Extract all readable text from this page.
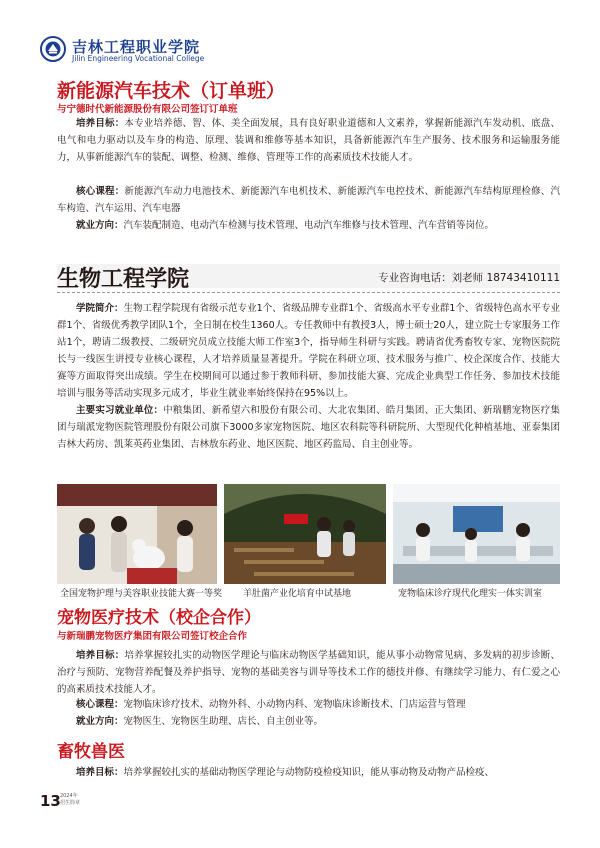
吉林工程职业学院
Jilin Engineering Vocational College
新能源汽车技术（订单班）
与宁德时代新能源股份有限公司签订订单班
培养目标：本专业培养德、智、体、美全面发展，具有良好职业道德和人文素养，掌握新能源汽车发动机、底盘、电气和电力驱动以及车身的构造、原理、装调和维修等基本知识，具备新能源汽车生产服务、技术服务和运输服务能力，从事新能源汽车的装配、调整、检测、维修、管理等工作的高素质技术技能人才。
核心课程：新能源汽车动力电池技术、新能源汽车电机技术、新能源汽车电控技术、新能源汽车结构原理检修、汽车构造、汽车运用、汽车电器
就业方向：汽车装配制造、电动汽车检测与技术管理、电动汽车维修与技术管理、汽车营销等岗位。
生物工程学院	专业咨询电话：刘老师 18743410111
学院简介：生物工程学院现有省级示范专业1个、省级品牌专业群1个、省级高水平专业群1个、省级特色高水平专业群1个、省级优秀教学团队1个，全日制在校生1360人。专任教师中有教授3人，博士硕士20人，建立院士专家服务工作站1个，聘请二级教授、二级研究员成立技能大师工作室3个，指导师生科研与实践。聘请省优秀畜牧专家、宠物医院院长与一线医生讲授专业核心课程，人才培养质量显著提升。学院在科研立项、技术服务与推广、校企深度合作、技能大赛等方面取得突出成绩。学生在校期间可以通过参于教师科研、参加技能大赛、完成企业典型工作任务、参加技术技能培训与服务等活动实现多元成才，毕业生就业率始终保持在95%以上。
主要实习就业单位：中粮集团、新希望六和股份有限公司、大北农集团、皓月集团、正大集团、新瑞鹏宠物医疗集团与瑞派宠物医院管理股份有限公司旗下3000多家宠物医院、地区农科院等科研院所、大型现代化种植基地、亚泰集团吉林大药房、凯莱英药业集团、吉林敖东药业、地区医院、地区药监局、自主创业等。
全国宠物护理与美容职业技能大赛一等奖 羊肚菌产业化培育中试基地	宠物临床诊疗现代化理实一体实训室
宠物医疗技术（校企合作）
与新瑞鹏宠物医疗集团有限公司签订校企合作
培养目标：培养掌握较扎实的动物医学理论与临床动物医学基础知识，能从事小动物常见病、多发病的初步诊断、治疗与预防、宠物营养配餐及养护指导、宠物的基础美容与训导等技术工作的德技并修、有继续学习能力、有仁爱之心的高素质技术技能人才。
核心课程：宠物临床诊疗技术、动物外科、小动物内科、宠物临床诊断技术、门店运营与管理
就业方向：宠物医生、宠物医生助理、店长、自主创业等。
畜牧兽医
培养目标：培养掌握较扎实的基础动物医学理论与动物防疫检疫知识，能从事动物及动物产品检疫、
13 2024年
招生简章
